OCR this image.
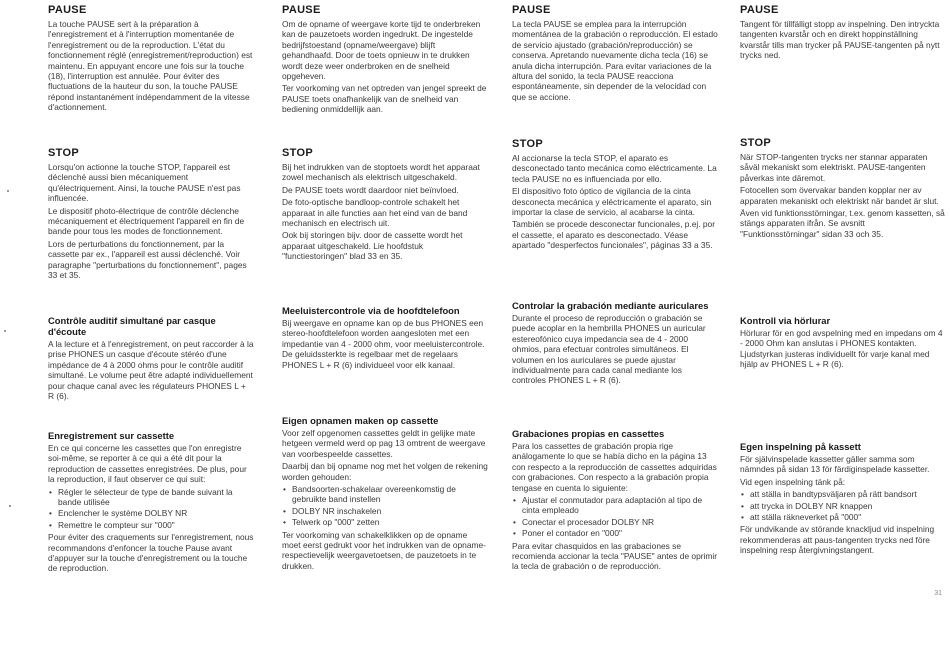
PAUSE

La touche PAUSE sert à la préparation à l'enregistrement et à l'interruption momentanée de l'enregistrement ou de la reproduction. L'état du fonctionnement réglé (enregistrement/reproduction) est maintenu. En appuyant encore une fois sur la touche (18), l'interruption est annulée. Pour éviter des fluctuations de la hauteur du son, la touche PAUSE répond instantanément indépendamment de la vitesse d'actionnement.

STOP

Lorsqu'on actionne la touche STOP, l'appareil est déclenché aussi bien mécaniquement qu'électriquement. Ainsi, la touche PAUSE n'est pas influencée.

Le dispositif photo-électrique de contrôle déclenche mécaniquement et électriquement l'appareil en fin de bande pour tous les modes de fonctionnement.

Lors de perturbations du fonctionnement, par la cassette par ex., l'appareil est aussi déclenché. Voir paragraphe "perturbations du fonctionnement", pages 33 et 35.

Contrôle auditif simultané par casque d'écoute

A la lecture et à l'enregistrement, on peut raccorder à la prise PHONES un casque d'écoute stéréo d'une impédance de 4 à 2000 ohms pour le contrôle auditif simultané. Le volume peut être adapté individuellement pour chaque canal avec les régulateurs PHONES L + R (6).

Enregistrement sur cassette

En ce qui concerne les cassettes que l'on enregistre soi-même, se reporter à ce qui a été dit pour la reproduction de cassettes enregistrées. De plus, pour la reproduction, il faut observer ce qui suit:

• Régler le sélecteur de type de bande suivant la bande utilisée
• Enclencher le système DOLBY NR
• Remettre le compteur sur "000"

Pour éviter des craquements sur l'enregistrement, nous recommandons d'enfoncer la touche Pause avant d'appuyer sur la touche d'enregistrement ou la touche de reproduction.

PAUSE

Om de opname of weergave korte tijd te onderbreken kan de pauzetoets worden ingedrukt. De ingestelde bedrijfstoestand (opname/weergave) blijft gehandhaafd. Door de toets opnieuw in te drukken wordt deze weer onderbroken en de snelheid opgeheven.

Ter voorkoming van net optreden van jengel spreekt de PAUSE toets onafhankelijk van de snelheid van bediening onmiddellijk aan.

STOP

Bij het indrukken van de stoptoets wordt het apparaat zowel mechanisch als elektrisch uitgeschakeld.

De PAUSE toets wordt daardoor niet beïnvloed.

De foto-optische bandloop-controle schakelt het apparaat in alle functies aan het eind van de band mechanisch en electrisch uit.

Ook bij storingen bijv. door de cassette wordt het apparaat uitgeschakeld. Lie hoofdstuk "functiestoringen" blad 33 en 35.

Meeluistercontrole via de hoofdtelefoon

Bij weergave en opname kan op de bus PHONES een stereo-hoofdtelefoon worden aangesloten met een impedantie van 4 - 2000 ohm, voor meeluistercontrole. De geluidssterkte is regelbaar met de regelaars PHONES L + R (6) individueel voor elk kanaal.

Eigen opnamen maken op cassette

Voor zelf opgenomen cassettes geldt in gelijke mate hetgeen vermeld werd op pag 13 omtrent de weergave van voorbespeelde cassettes.

Daarbij dan bij opname nog met het volgen de rekening worden gehouden:

• Bandsoorten-schakelaar overeenkomstig de gebruikte band instellen
• DOLBY NR inschakelen
• Telwerk op "000" zetten

Ter voorkoming van schakelklikken op de opname moet eerst gedrukt voor het indrukken van de opname-respectievelijk weergavetoetsen, de pauzetoets in te drukken.

PAUSE

La tecla PAUSE se emplea para la interrupción momentánea de la grabación o reproducción. El estado de servicio ajustado (grabación/reproducción) se conserva. Apretando nuevamente dicha tecla (16) se anula dicha interrupción. Para evitar variaciones de la altura del sonido, la tecla PAUSE reacciona espontáneamente, sin depender de la velocidad con que se accione.

STOP

Al accionarse la tecla STOP, el aparato es desconectado tanto mecánica como eléctricamente. La tecla PAUSE no es influenciada por ello.

El dispositivo foto óptico de vigilancia de la cinta desconecta mecánica y eléctricamente el aparato, sin importar la clase de servicio, al acabarse la cinta.

También se procede desconectar funcionales, p.ej. por el cassette, el aparato es desconectado. Véase apartado "desperfectos funcionales", páginas 33 a 35.

Controlar la grabación mediante auriculares

Durante el proceso de reproducción o grabación se puede acoplar en la hembrilla PHONES un auricular estereofónico cuya impedancia sea de 4 - 2000 ohmios, para efectuar controles simultáneos. El volumen en los auriculares se puede ajustar individualmente para cada canal mediante los controles PHONES L + R (6).

Grabaciones propias en cassettes

Para los cassettes de grabación propia rige análogamente lo que se había dicho en la página 13 con respecto a la reproducción de cassettes adquiridas con grabaciones. Con respecto a la grabación propia tengase en cuenta lo siguiente:

• Ajustar el conmutador para adaptación al tipo de cinta empleado
• Conectar el procesador DOLBY NR
• Poner el contador en "000"

Para evitar chasquidos en las grabaciones se recomienda accionar la tecla "PAUSE" antes de oprimir la tecla de grabación o de reproducción.

PAUSE

Tangent för tillfälligt stopp av inspelning. Den intryckta tangenten kvarstår och en direkt hoppinställning kvarstår tills man trycker på PAUSE-tangenten på nytt trycks ned.

STOP

När STOP-tangenten trycks ner stannar apparaten såväl mekaniskt som elektriskt. PAUSE-tangenten påverkas inte däremot.

Fotocellen som övervakar banden kopplar ner av apparaten mekaniskt och elektriskt när bandet är slut.

Även vid funktionsstörningar, t.ex. genom kassetten, så stängs apparaten ifrån. Se avsnitt "Funktionsstörningar" sidan 33 och 35.

Kontroll via hörlurar

Hörlurar för en god avspelning med en impedans om 4 - 2000 Ohm kan anslutas i PHONES kontakten. Ljudstyrkan justeras individuellt för varje kanal med hjälp av PHONES L + R (6).

Egen inspelning på kassett

För självinspelade kassetter gäller samma som nämndes på sidan 13 för färdiginspelade kassetter.

Vid egen inspelning tänk på:

• att ställa in bandtypsväljaren på rätt bandsort
• att trycka in DOLBY NR knappen
• att ställa räkneverket på "000"

För undvikande av störande knackljud vid inspelning rekommenderas att paus-tangenten trycks ned före inspelning resp återgivningstangent.

31
